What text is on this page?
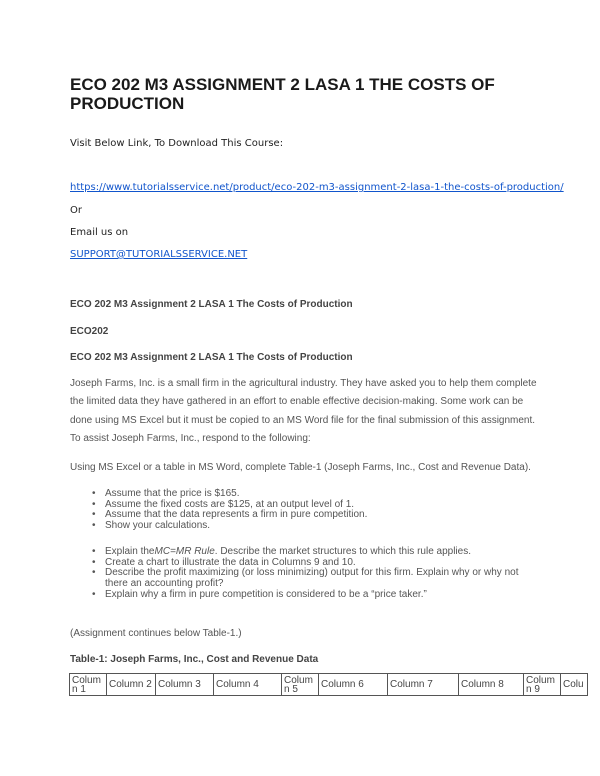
ECO 202 M3 ASSIGNMENT 2 LASA 1 THE COSTS OF PRODUCTION
Visit Below Link, To Download This Course:
https://www.tutorialsservice.net/product/eco-202-m3-assignment-2-lasa-1-the-costs-of-production/
Or
Email us on
SUPPORT@TUTORIALSSERVICE.NET
ECO 202 M3 Assignment 2 LASA 1 The Costs of Production
ECO202
ECO 202 M3 Assignment 2 LASA 1 The Costs of Production
Joseph Farms, Inc. is a small firm in the agricultural industry. They have asked you to help them complete
the limited data they have gathered in an effort to enable effective decision-making. Some work can be
done using MS Excel but it must be copied to an MS Word file for the final submission of this assignment.
To assist Joseph Farms, Inc., respond to the following:
Using MS Excel or a table in MS Word, complete Table-1 (Joseph Farms, Inc., Cost and Revenue Data).
• Assume that the price is $165.
• Assume the fixed costs are $125, at an output level of 1.
• Assume that the data represents a firm in pure competition.
• Show your calculations.
• Explain theMC=MR Rule. Describe the market structures to which this rule applies.
• Create a chart to illustrate the data in Columns 9 and 10.
• Describe the profit maximizing (or loss minimizing) output for this firm. Explain why or why not
there an accounting profit?
• Explain why a firm in pure competition is considered to be a “price taker.”
(Assignment continues below Table-1.)
Table-1: Joseph Farms, Inc., Cost and Revenue Data
Column 1	Column 2	Column 3	Column 4	Column 5	Column 6	Column 7	Column 8	Column 9	Colu
